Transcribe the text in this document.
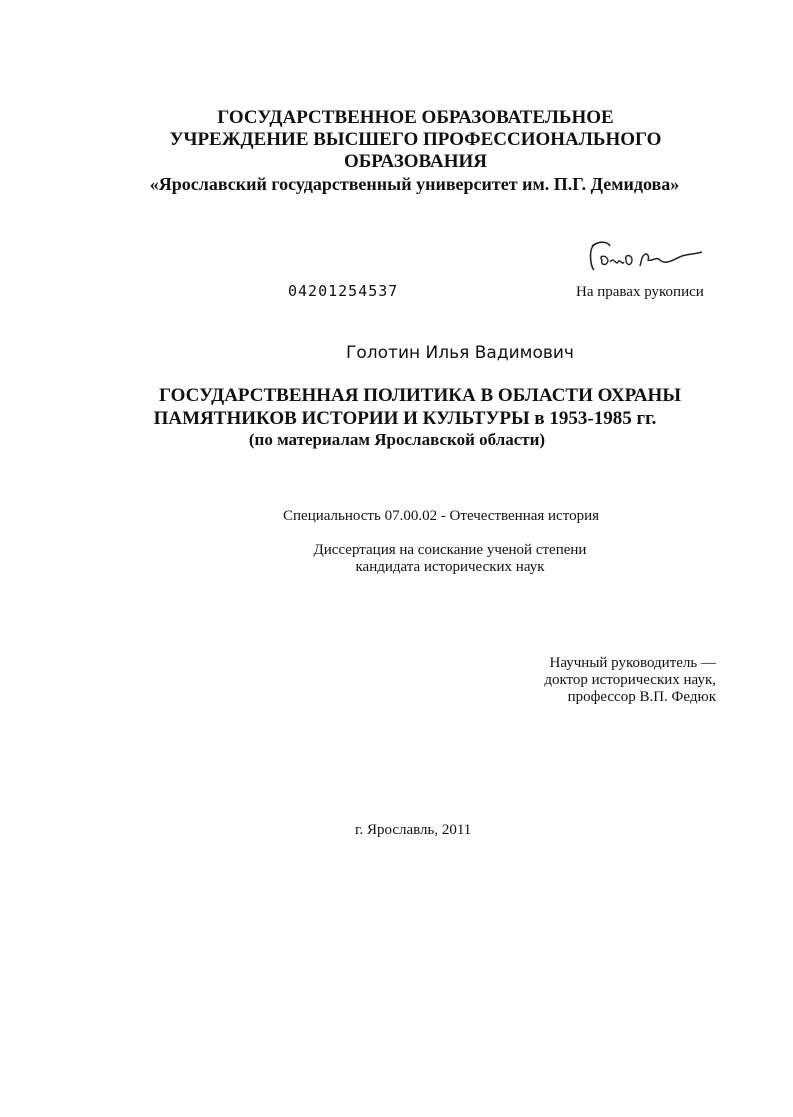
ГОСУДАРСТВЕННОЕ ОБРАЗОВАТЕЛЬНОЕ
УЧРЕЖДЕНИЕ ВЫСШЕГО ПРОФЕССИОНАЛЬНОГО
ОБРАЗОВАНИЯ
«Ярославский государственный университет им. П.Г. Демидова»
04201254537	На правах рукописи
Голотин Илья Вадимович
ГОСУДАРСТВЕННАЯ ПОЛИТИКА В ОБЛАСТИ ОХРАНЫ
ПАМЯТНИКОВ ИСТОРИИ И КУЛЬТУРЫ в 1953-1985 гг.
(по материалам Ярославской области)
Специальность 07.00.02 - Отечественная история
Диссертация на соискание ученой степени
кандидата исторических наук
Научный руководитель —
доктор исторических наук,
профессор В.П. Федюк
г. Ярославль, 2011
